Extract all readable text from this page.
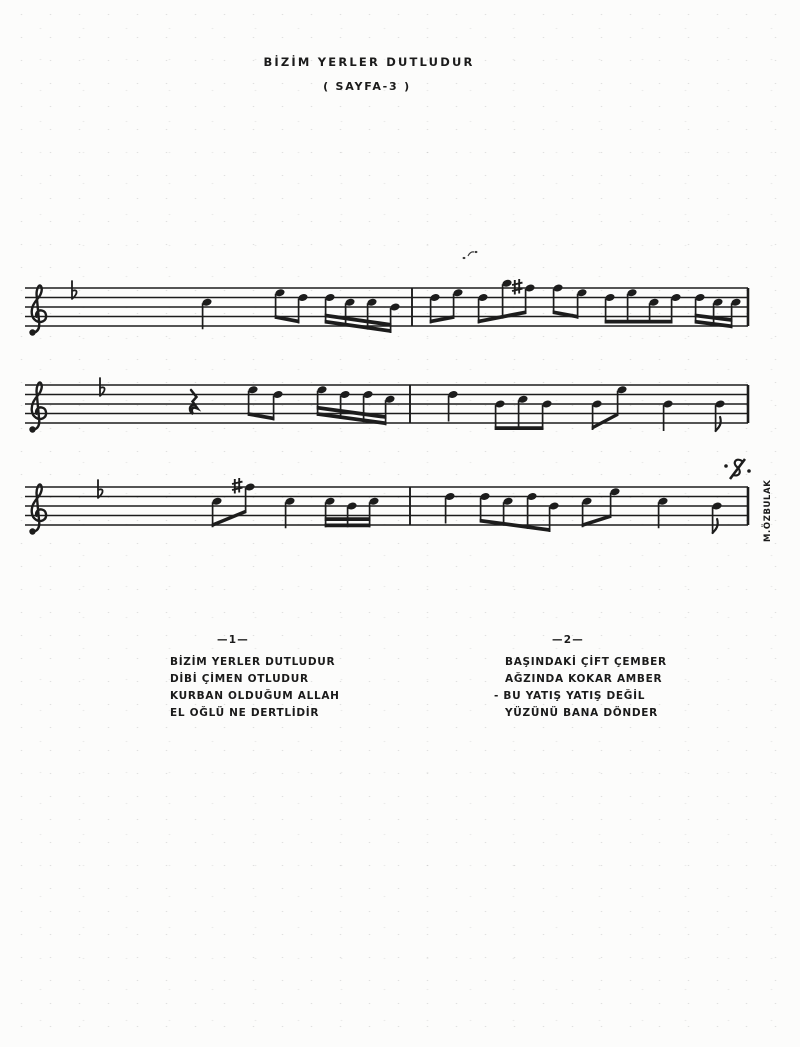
BİZİM YERLER DUTLUDUR
( SAYFA-3 )
M.ÖZBULAK
—1—
BİZİM YERLER DUTLUDUR
DİBİ ÇİMEN OTLUDUR
KURBAN OLDUĞUM ALLAH
EL OĞLÜ NE DERTLİDİR
—2—
BAŞINDAKİ ÇİFT ÇEMBER
AĞZINDA KOKAR AMBER
- BU YATIŞ YATIŞ DEĞİL
YÜZÜNÜ BANA DÖNDER
